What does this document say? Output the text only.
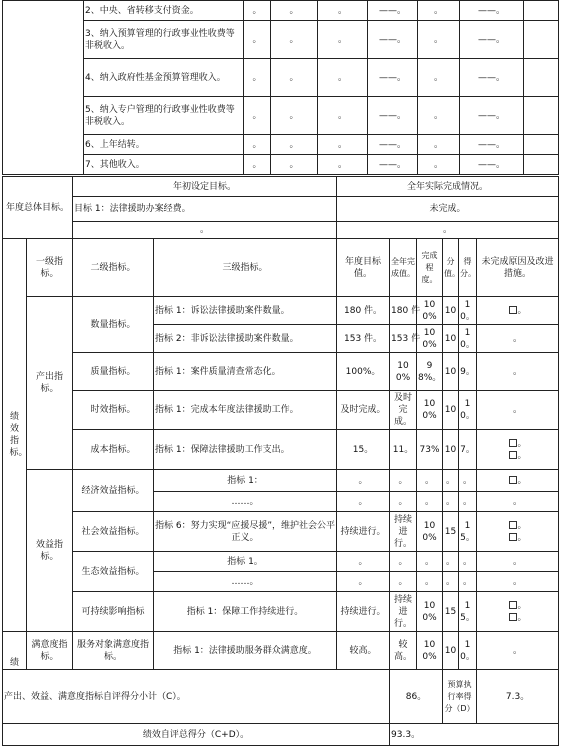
	2、中央、省转移支付资金。	。	。	。	——。	。	——。	
	3、纳入预算管理的行政事业性收费等非税收入。	。	。	。	——。	。	——。	
	4、纳入政府性基金预算管理收入。	。	。	。	——。	。	——。	
	5、纳入专户管理的行政事业性收费等非税收入。	。	。	。	——。	。	——。	
	6、上年结转。	。	。	。	——。	。	——。	
	7、其他收入。	。	。	。	——。	。	——。	
年度总体目标。		年初设定目标。		全年实际完成情况。					
		目标 1：法律援助办案经费。		未完成。					
		。		。					
绩效指标。	一级指标。	二级指标。	三级指标。	年度目标值。	全年完成值。	完成程度。	分值。	得分。	未完成原因及改进措施。
	产出指标。	数量指标。	指标 1：诉讼法律援助案件数量。	180 件。	180 件	100%	10	10。	。
			指标 2：非诉讼法律援助案件数量。	153 件。	153 件	100%	10	10。	。
		质量指标。	指标 1：案件质量清查常态化。	100%。	100%	98%。	10	9。	。
		时效指标。	指标 1：完成本年度法律援助工作。	及时完成。	及时完成。	100%	10	10。	。
		成本指标。	指标 1：保障法律援助工作支出。	15。	11。	73%	10	7。	。
。

	效益指标。	经济效益指标。	指标 1：	。	。	。	。	。	。
			……。	。	。	。	。	。	。
		社会效益指标。	指标 6：努力实现“应援尽援”，维护社会公平正义。	持续进行。	持续进行。	100%	15	15。	。
。
		生态效益指标。	指标 1。	。	。	。	。	。	。
			……。	。	。	。	。	。	。
		可持续影响指标	指标 1：保障工作持续进行。	持续进行。	持续进行。	100%	15	15。	。
。
绩	满意度指标。	服务对象满意度指标。	指标 1：法律援助服务群众满意度。	较高。	较高。	100%	10	10。	。
产出、效益、满意度指标自评得分小计（C）。					86。		预算执行率得分（D）		7.3。
绩效自评总得分（C+D）。					93.3。				
